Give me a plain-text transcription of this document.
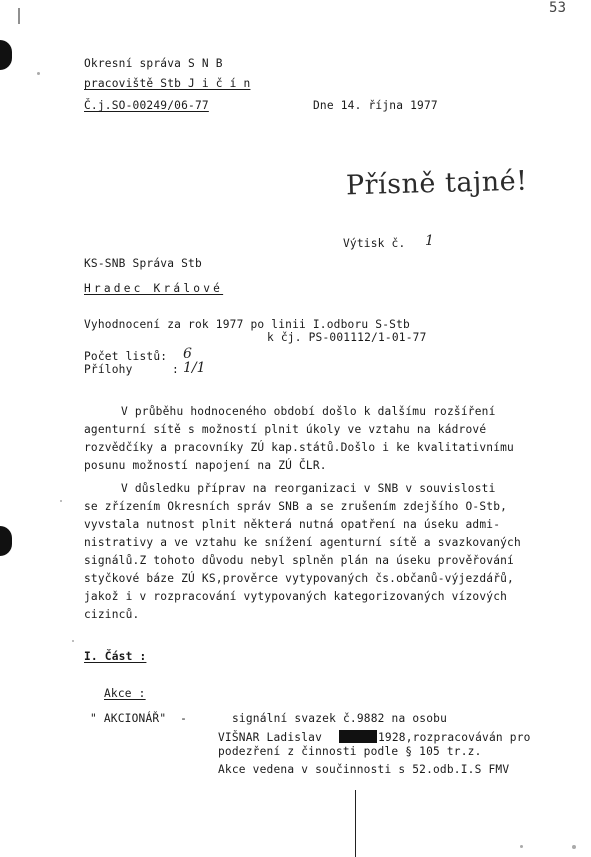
53
Okresní správa S N B
pracoviště Stb J i č í n
Č.j.SO-00249/06-77	Dne 14. října 1977
Přísně tajné!
Výtisk č. 1
KS-SNB Správa Stb
Hradec Králové
Vyhodnocení za rok 1977 po linii I.odboru S-Stb
k čj. PS-001112/1-01-77
Počet listů: 6
Přílohy	: 1/1
V průběhu hodnoceného období došlo k dalšímu rozšíření
agenturní sítě s možností plnit úkoly ve vztahu na kádrové
rozvědčíky a pracovníky ZÚ kap.států.Došlo i ke kvalitativnímu
posunu možností napojení na ZÚ ČLR.
V důsledku příprav na reorganizaci v SNB v souvislosti
se zřízením Okresních správ SNB a se zrušením zdejšího O-Stb,
vyvstala nutnost plnit některá nutná opatření na úseku admi-
nistrativy a ve vztahu ke snížení agenturní sítě a svazkovaných
signálů.Z tohoto důvodu nebyl splněn plán na úseku prověřování
styčkové báze ZÚ KS,prověrce vytypovaných čs.občanů-výjezdářů,
jakož i v rozpracování vytypovaných kategorizovaných vízových
cizinců.
I. Část :
Akce :
" AKCIONÁŘ"  -	signální svazek č.9882 na osobu
VIŠNAR Ladislav	1928,rozpracováván pro
podezření z činnosti podle § 105 tr.z.
Akce vedena v součinnosti s 52.odb.I.S FMV
